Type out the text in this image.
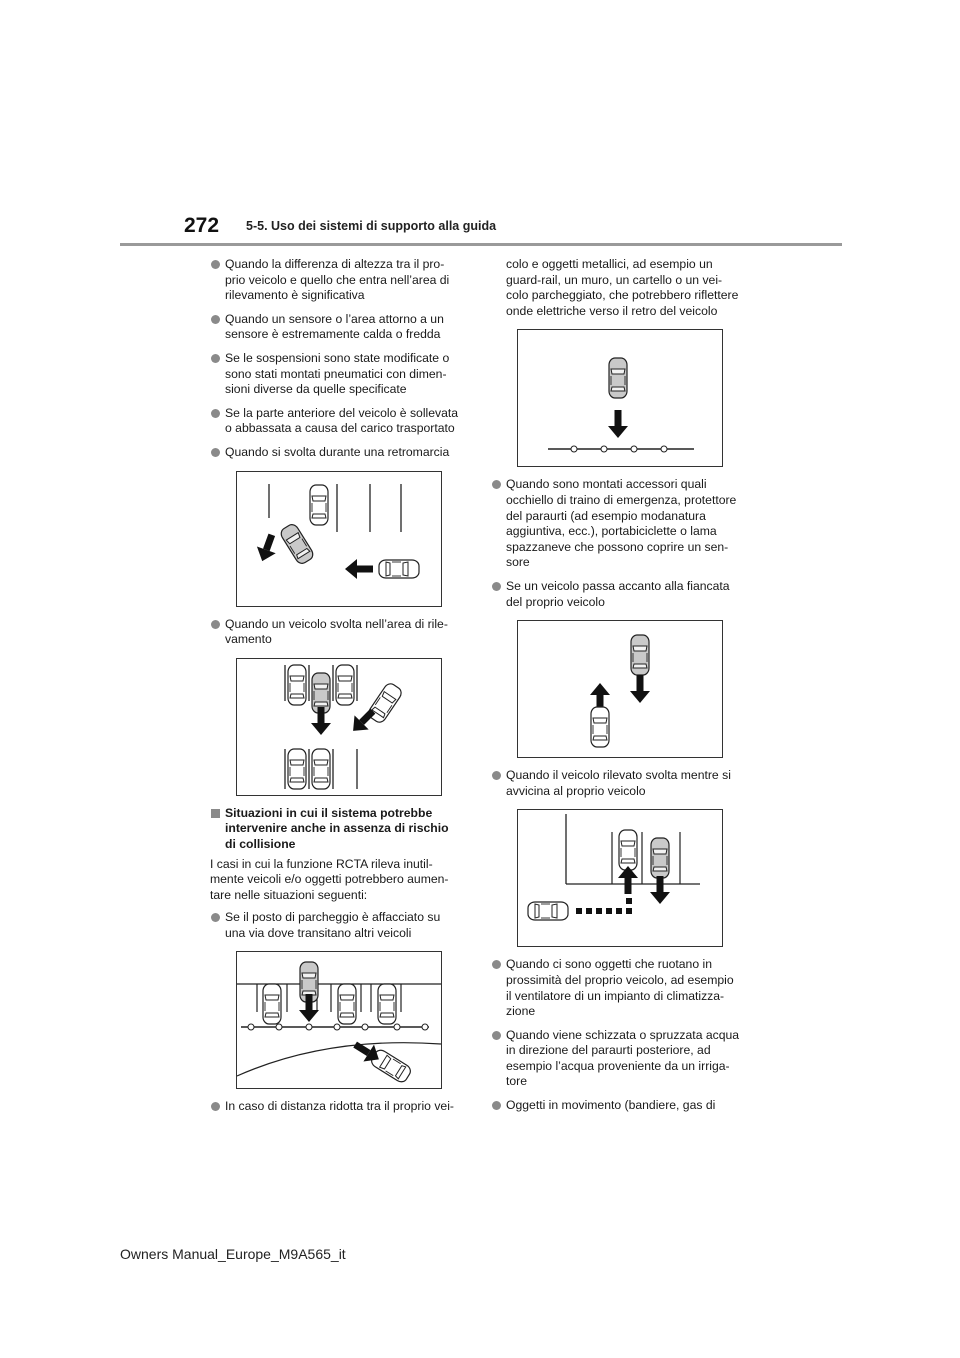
272 5-5. Uso dei sistemi di supporto alla guida
Quando la differenza di altezza tra il pro-
prio veicolo e quello che entra nell’area di
rilevamento è significativa
Quando un sensore o l’area attorno a un
sensore è estremamente calda o fredda
Se le sospensioni sono state modificate o
sono stati montati pneumatici con dimen-
sioni diverse da quelle specificate
Se la parte anteriore del veicolo è sollevata
o abbassata a causa del carico trasportato
Quando si svolta durante una retromarcia
Quando un veicolo svolta nell’area di rile-
vamento
Situazioni in cui il sistema potrebbe
intervenire anche in assenza di rischio
di collisione
I casi in cui la funzione RCTA rileva inutil-
mente veicoli e/o oggetti potrebbero aumen-
tare nelle situazioni seguenti:
Se il posto di parcheggio è affacciato su
una via dove transitano altri veicoli
In caso di distanza ridotta tra il proprio vei-
colo e oggetti metallici, ad esempio un
guard-rail, un muro, un cartello o un vei-
colo parcheggiato, che potrebbero riflettere
onde elettriche verso il retro del veicolo
Quando sono montati accessori quali
occhiello di traino di emergenza, protettore
del paraurti (ad esempio modanatura
aggiuntiva, ecc.), portabiciclette o lama
spazzaneve che possono coprire un sen-
sore
Se un veicolo passa accanto alla fiancata
del proprio veicolo
Quando il veicolo rilevato svolta mentre si
avvicina al proprio veicolo
Quando ci sono oggetti che ruotano in
prossimità del proprio veicolo, ad esempio
il ventilatore di un impianto di climatizza-
zione
Quando viene schizzata o spruzzata acqua
in direzione del paraurti posteriore, ad
esempio l’acqua proveniente da un irriga-
tore
Oggetti in movimento (bandiere, gas di
Owners Manual_Europe_M9A565_it
